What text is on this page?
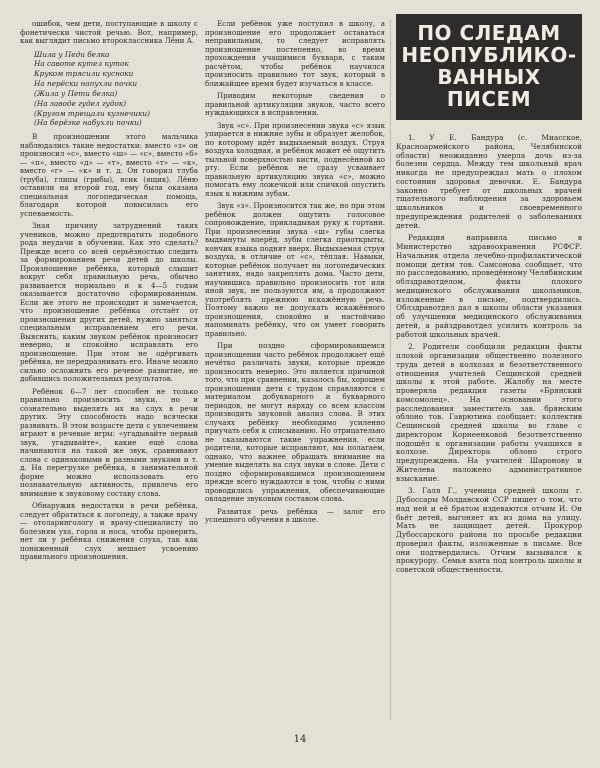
ошибок, чем дети, поступающие в школу с фонетически чистой речью. Вот, например, как выглядит письмо второклассника Лёни А.

Шила у Педи белка
На савоте кутел куток
Крyком трясили кусноки
На перёски напухли почки
(Жила у Пети белка)
(На заводе гудел гудок)
(Кругом трещали кузнечики)
(На берёзке набухли почки)

В произношении этого мальчика наблюдались такие недостатки: вместо «з» он произносил «с», вместо «ш» — «с», вместо «б» — «п», вместо «д» — «т», вместо «т» — «к», вместо «г» — «к» и т. д. Он говорил тлуба (труба), глипы (грибы), ясик (ящик). Лёню оставили на второй год, ему была оказана специальная логопедическая помощь, благодаря которой повысилась его успеваемость.

Зная причину затруднений таких учеников, можно предотвратить подобного рода неудачи в обучении. Как это сделать? Прежде всего со всей серьёзностью следить за формированием речи детей до школы. Произношение ребёнка, который слышит вокруг себя правильную речь, обычно развивается нормально и к 4—5 годам оказывается достаточно сформированным. Если же этого не происходит и замечается, что произношение ребёнка отстаёт от произношения других детей, нужно заняться специальным исправлением его речи. Выяснить, каким звуком ребёнок произносит неверно, и спокойно исправлять его произношение. При этом не одёргивать ребёнка, не передразнивать его. Иначе можно сильно осложнить его речевое развитие, не добившись положительных результатов.

Ребёнок 6—7 лет способен не только правильно произносить звуки, но и сознательно выделять их на слух в речи других. Эту способность надо всячески развивать. В этом возрасте дети с увлечением играют в речевые игры: «угадывайте первый звук, угадывайте», какие ещё слова начинаются на такой же звук, сравнивают слова с одинаковыми и разными звуками и т. д. На перегрузке ребёнка, в занимательной форме можно использовать его познавательную активность, привлечь его внимание к звуковому составу слова.

Обнаружив недостатки в речи ребёнка, следует обратиться к логопеду, а также врачу — отоларингологу и врачу-специалисту по болезням уха, горла и носа, чтобы проверить, нет ли у ребёнка снижения слуха, так как пониженный слух мешает усвоению правильного произношения.

Если ребёнок уже поступил в школу, а произношение его продолжает оставаться неправильным, то следует исправлять произношение постепенно, во время прохождения учащимися букваря, с таким расчётом, чтобы ребёнок научился произносить правильно тот звук, который в ближайшее время будет изучаться в классе.

Приводим некоторые сведения о правильной артикуляции звуков, часто всего нуждающихся в исправлении.

Звук «с». При произнесении звука «с» язык упирается в нижние зубы и образует желобок, по которому идёт выдыхаемый воздух. Струя воздуха холодная, и ребёнок может её ощутить тыльной поверхностью кисти, поднесённой ко рту. Если ребёнок не сразу усваивает правильную артикуляцию звука «с», можно помогать ему ложечкой или спичкой опустить язык к нижним зубам.

Звук «з». Произносится так же, но при этом ребёнок должен ощутить голосовое сопровождение, прикладывая руку к гортани. При произнесении звука «ш» губы слегка выдвинуты вперёд, зубы слегка приоткрыты, кончик языка поднят вверх. Выдыхаемая струя воздуха, в отличие от «с», тёплая. Навыки, которые ребёнок получает на логопедических занятиях, надо закреплять дома. Часто дети, научившись правильно произносить тот или иной звук, не пользуются им, а продолжают употреблять прежнюю искажённую речь. Поэтому важно не допускать искажённого произношения, спокойно и настойчиво напоминать ребёнку, что он умеет говорить правильно.

При поздно сформировавшемся произношении часто ребёнок продолжает ещё нечётко различать звуки, которые прежде произносить неверно. Это является причиной того, что при сравнении, казалось бы, хорошем произношении дети с трудом справляются с материалом добукварного и букварного периодов, не могут наряду со всем классом производить звуковой анализ слова. В этих случаях ребёнку необходимо усиленно приучать себя к списыванию. Но отрицательно не сказываются такие упражнения, если родители, которые исправляют, мы полагаем, однако, что важнее обращать внимание на умение выделять на слух звуки в слове. Дети с поздно сформировавшимся произношением прежде всего нуждаются в том, чтобы с ними проводились упражнения, обеспечивающие овладение звуковым составом слова.

Развитая речь ребёнка — залог его успешного обучения в школе.

ПО СЛЕДАМ
НЕОПУБЛИКО-
ВАННЫХ
ПИСЕМ

1. У Е. Бандура (с. Миасское, Красноармейского района, Челябинской области) неожиданно умерла дочь из-за болезни сердца. Между тем школьный врач никогда не предупреждал мать о плохом состоянии здоровья девочки. Е. Бандура законно требует от школьных врачей тщательного наблюдения за здоровьем школьников и своевременного предупреждения родителей о заболеваниях детей.

Редакция направила письмо в Министерство здравоохранения РСФСР. Начальник отдела лечебно-профилактической помощи детям тов. Самсонова сообщает, что по расследованию, проведённому Челябинским облздравотделом, факты плохого медицинского обслуживания школьников, изложенные в письме, подтвердились. Облздравотдел дал в школы области указания об улучшении медицинского обслуживания детей, а райздравотдел усилить контроль за работой школьных врачей.

2. Родители сообщили редакции факты плохой организации общественно полезного труда детей в колхозах и безответственного отношения учителей Сещинской средней школы к этой работе. Жалобу на месте проверяла редакция газеты «Брянский комсомолец». На основании этого расследования заместитель зав. брянским облоно тов. Гаврютина сообщает: коллектив Сещинской средней школы во главе с директором Корнеенковой безответственно подошёл к организации работы учащихся в колхозе. Директора облоно строго предупреждена. На учителей Шаронову и Жителева наложено административное взыскание.

3. Галя Г., ученица средней школы г. Дубоссары Молдавской ССР пишет о том, что над ней и её братом издеваются отчим И. Он бьёт детей, выгоняет их из дома на улицу. Мать не защищает детей. Прокурор Дубоссарского района по просьбе редакции проверил факты, изложенные в письме. Все они подтвердились. Отчим вызывался к прокурору. Семья взята под контроль школы и советской общественности.

14
